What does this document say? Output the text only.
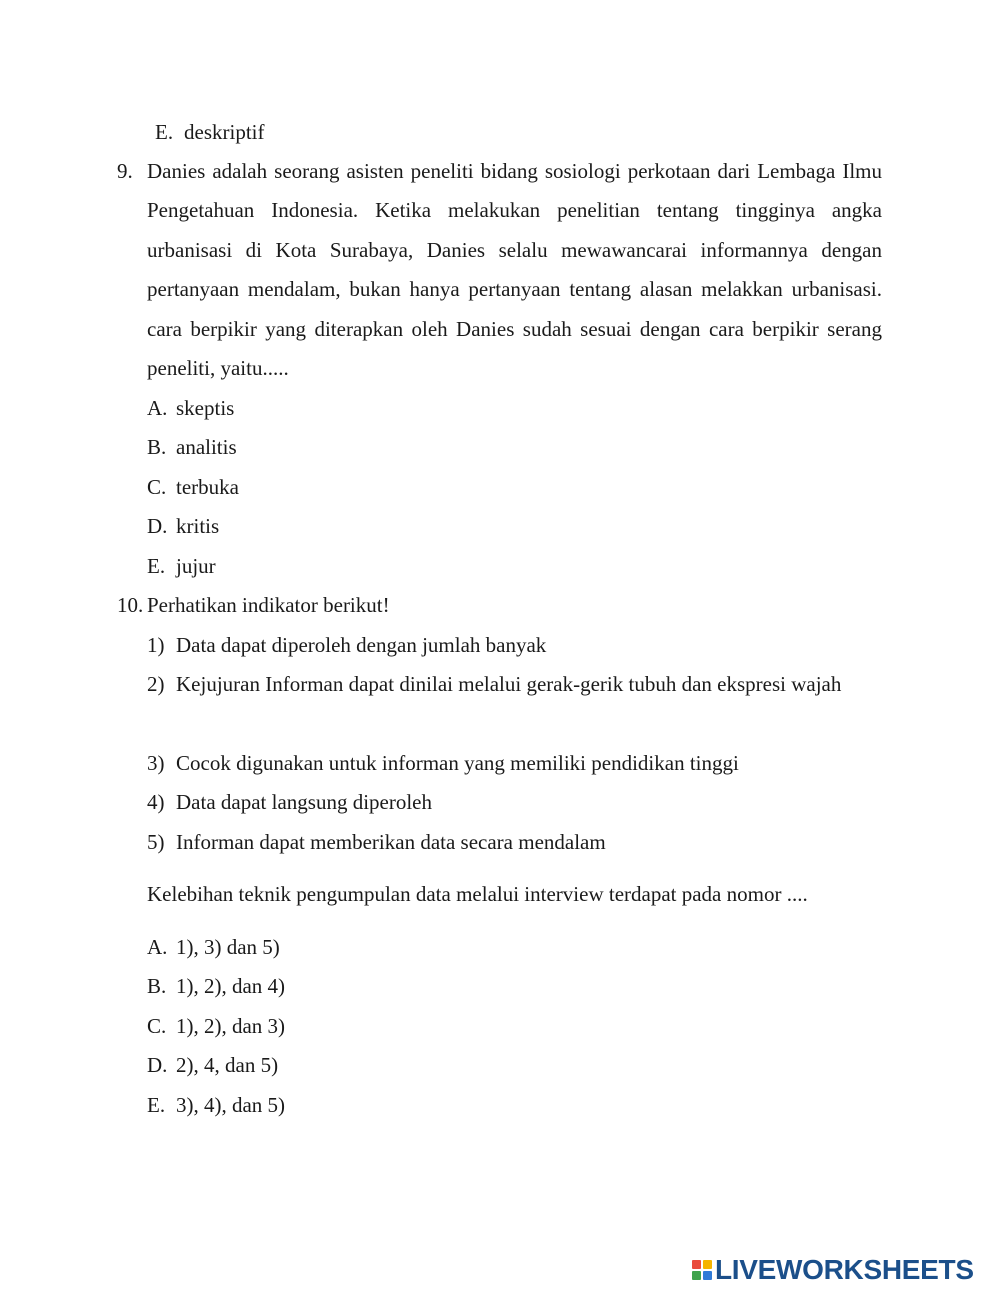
E. deskriptif
9. Danies adalah seorang asisten peneliti bidang sosiologi perkotaan dari Lembaga Ilmu Pengetahuan Indonesia. Ketika melakukan penelitian tentang tingginya angka urbanisasi di Kota Surabaya, Danies selalu mewawancarai informannya dengan pertanyaan mendalam, bukan hanya pertanyaan tentang alasan melakkan urbanisasi. cara berpikir yang diterapkan oleh Danies sudah sesuai dengan cara berpikir serang peneliti, yaitu.....
A. skeptis
B. analitis
C. terbuka
D. kritis
E. jujur
10. Perhatikan indikator berikut!
1) Data dapat diperoleh dengan jumlah banyak
2) Kejujuran Informan dapat dinilai melalui gerak-gerik tubuh dan ekspresi wajah
3) Cocok digunakan untuk informan yang memiliki pendidikan tinggi
4) Data dapat langsung diperoleh
5) Informan dapat memberikan data secara mendalam
Kelebihan teknik pengumpulan data melalui interview terdapat pada nomor ....
A. 1), 3) dan 5)
B. 1), 2), dan 4)
C. 1), 2), dan 3)
D. 2), 4, dan 5)
E. 3), 4), dan 5)
LIVEWORKSHEETS
